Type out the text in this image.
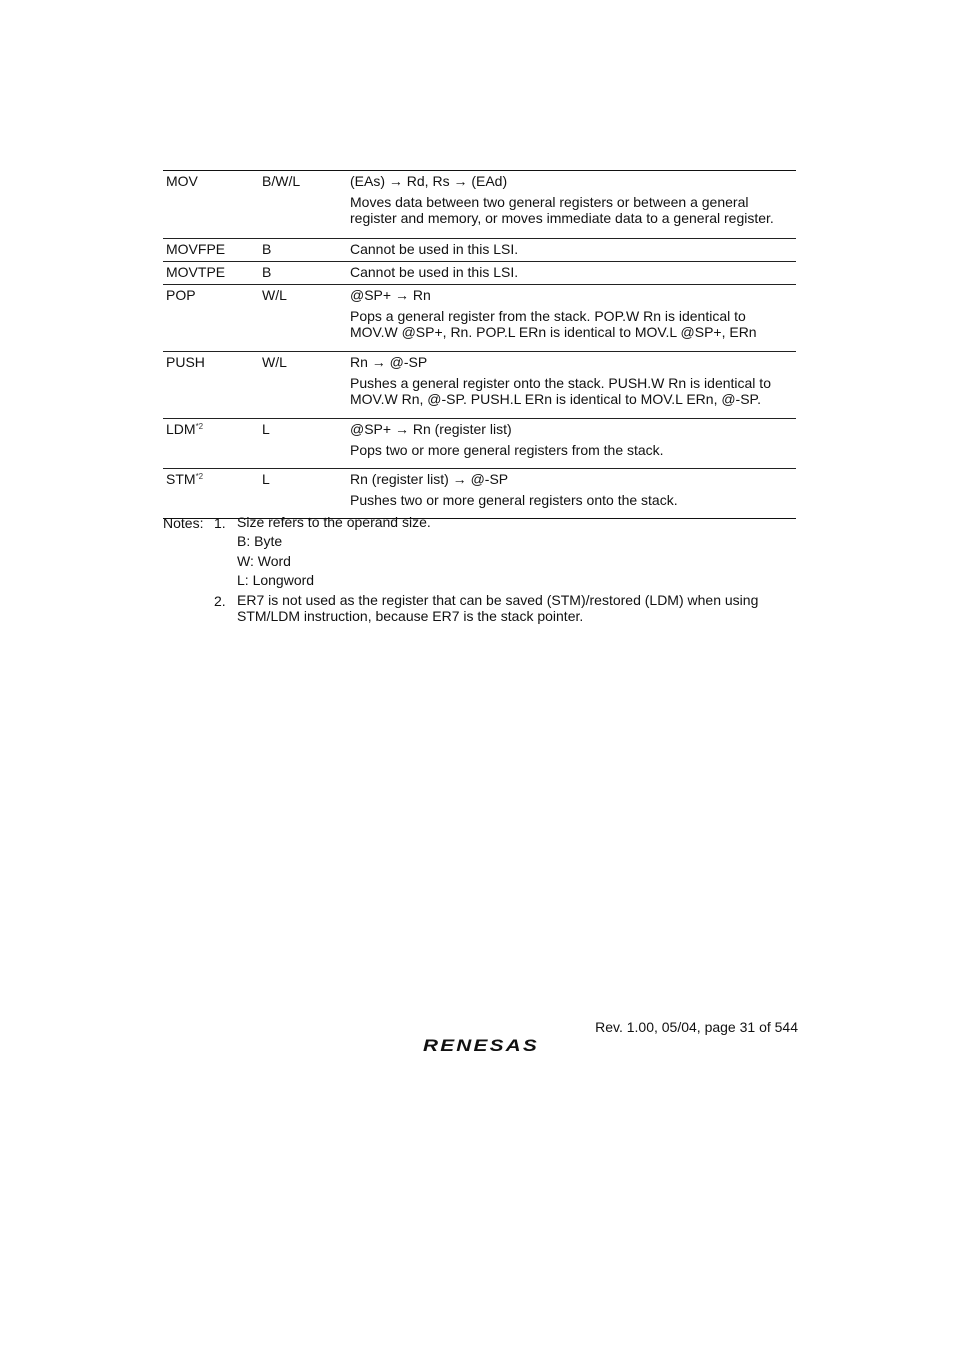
MOV	B/W/L	(EAs) → Rd, Rs → (EAd)
Moves data between two general registers or between a general
register and memory, or moves immediate data to a general register.
MOVFPE	B	Cannot be used in this LSI.
MOVTPE	B	Cannot be used in this LSI.
POP	W/L	@SP+ → Rn
Pops a general register from the stack. POP.W Rn is identical to
MOV.W @SP+, Rn. POP.L ERn is identical to MOV.L @SP+, ERn
PUSH	W/L	Rn → @-SP
Pushes a general register onto the stack. PUSH.W Rn is identical to
MOV.W Rn, @-SP. PUSH.L ERn is identical to MOV.L ERn, @-SP.
LDM$^{*2}$	L	@SP+ → Rn (register list)
Pops two or more general registers from the stack.
STM$^{*2}$	L	Rn (register list) → @-SP
Pushes two or more general registers onto the stack.
Notes: 1. Size refers to the operand size.
B: Byte
W: Word
L: Longword
2. ER7 is not used as the register that can be saved (STM)/restored (LDM) when using
STM/LDM instruction, because ER7 is the stack pointer.
Rev. 1.00, 05/04, page 31 of 544
RENESAS
